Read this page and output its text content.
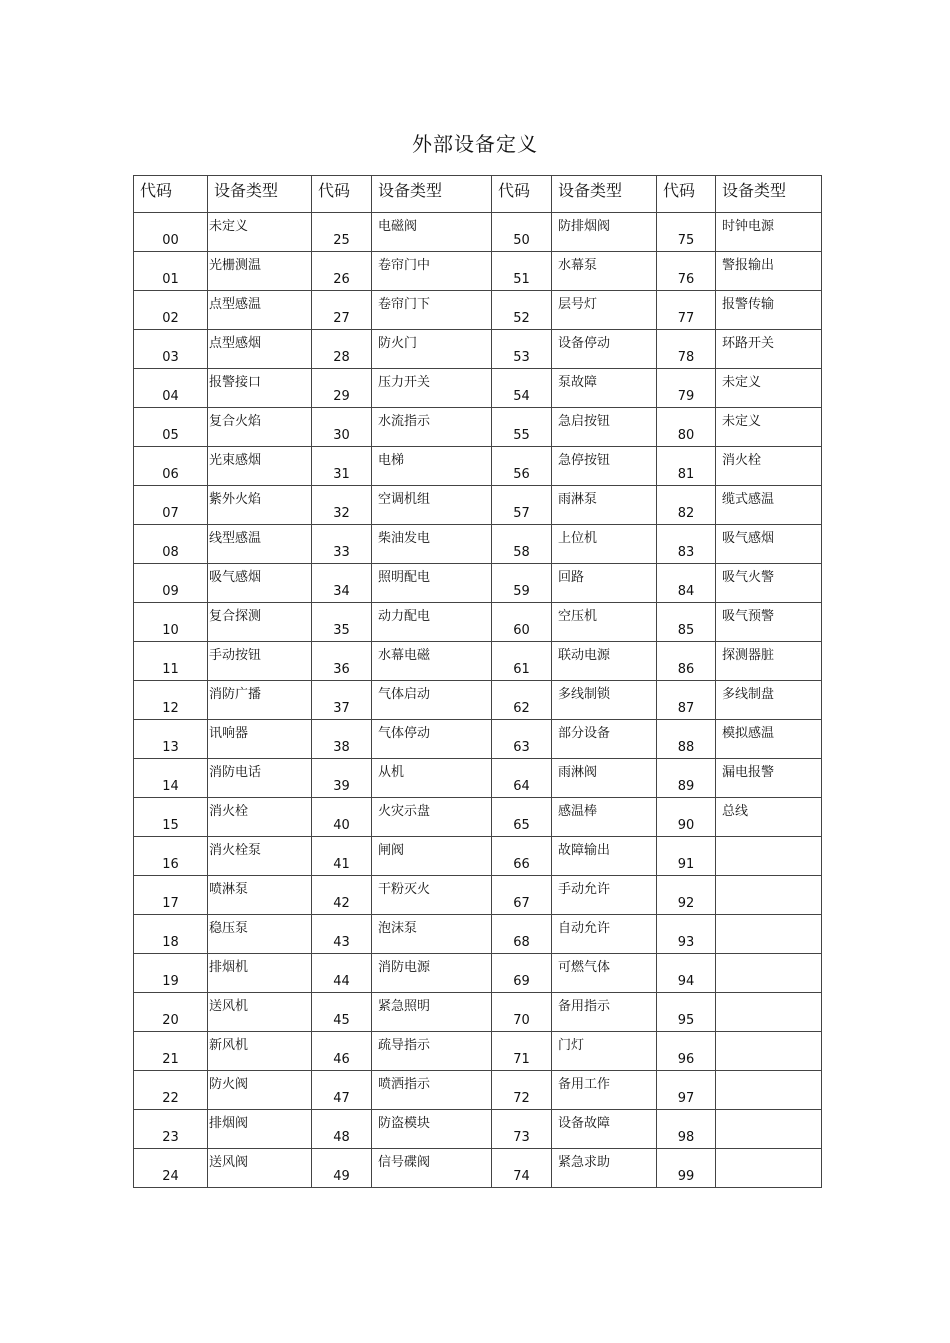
外部设备定义
代码	设备类型	代码	设备类型	代码	设备类型	代码	设备类型
00	未定义	25	电磁阀	50	防排烟阀	75	时钟电源
01	光栅测温	26	卷帘门中	51	水幕泵	76	警报输出
02	点型感温	27	卷帘门下	52	层号灯	77	报警传输
03	点型感烟	28	防火门	53	设备停动	78	环路开关
04	报警接口	29	压力开关	54	泵故障	79	未定义
05	复合火焰	30	水流指示	55	急启按钮	80	未定义
06	光束感烟	31	电梯	56	急停按钮	81	消火栓
07	紫外火焰	32	空调机组	57	雨淋泵	82	缆式感温
08	线型感温	33	柴油发电	58	上位机	83	吸气感烟
09	吸气感烟	34	照明配电	59	回路	84	吸气火警
10	复合探测	35	动力配电	60	空压机	85	吸气预警
11	手动按钮	36	水幕电磁	61	联动电源	86	探测器脏
12	消防广播	37	气体启动	62	多线制锁	87	多线制盘
13	讯响器	38	气体停动	63	部分设备	88	模拟感温
14	消防电话	39	从机	64	雨淋阀	89	漏电报警
15	消火栓	40	火灾示盘	65	感温棒	90	总线
16	消火栓泵	41	闸阀	66	故障输出	91	
17	喷淋泵	42	干粉灭火	67	手动允许	92	
18	稳压泵	43	泡沫泵	68	自动允许	93	
19	排烟机	44	消防电源	69	可燃气体	94	
20	送风机	45	紧急照明	70	备用指示	95	
21	新风机	46	疏导指示	71	门灯	96	
22	防火阀	47	喷洒指示	72	备用工作	97	
23	排烟阀	48	防盗模块	73	设备故障	98	
24	送风阀	49	信号碟阀	74	紧急求助	99	
